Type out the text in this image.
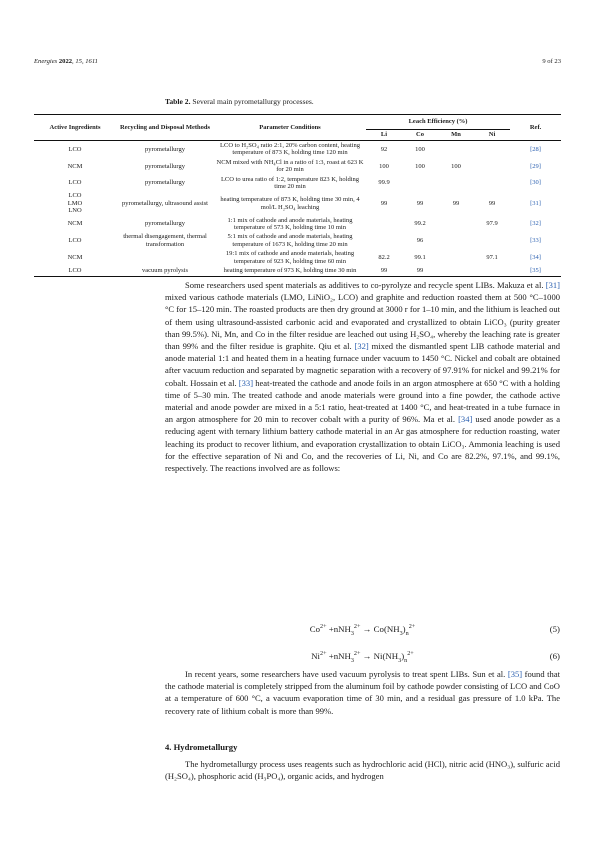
Energies 2022, 15, 1611	9 of 23
Table 2. Several main pyrometallurgy processes.
Active Ingredients	Recycling and Disposal Methods	Parameter Conditions	Leach Efficiency (%)				Ref.
			Li	Co	Mn	Ni	
LCO	pyrometallurgy	LCO to H₂SO₄ ratio 2:1, 20% carbon content, heating temperature of 873 K, holding time 120 min	92	100			[28]
NCM	pyrometallurgy	NCM mixed with NH₄Cl in a ratio of 1:3, roast at 623 K for 20 min	100	100	100		[29]
LCO	pyrometallurgy	LCO to urea ratio of 1:2, temperature 823 K, holding time 20 min	99.9				[30]
LCO
LMO
LNO	pyrometallurgy, ultrasound assist	heating temperature of 873 K, holding time 30 min, 4 mol/L H₂SO₄ leaching	99	99	99	99	[31]
NCM	pyrometallurgy	1:1 mix of cathode and anode materials, heating temperature of 573 K, holding time 10 min		99.2		97.9	[32]
LCO	thermal disengagement, thermal transformation	5:1 mix of cathode and anode materials, heating temperature of 1673 K, holding time 20 min		96			[33]
NCM		19:1 mix of cathode and anode materials, heating temperature of 923 K, holding time 60 min	82.2	99.1		97.1	[34]
LCO	vacuum pyrolysis	heating temperature of 973 K, holding time 30 min	99	99			[35]

Some researchers used spent materials as additives to co-pyrolyze and recycle spent LIBs. Makuza et al. [31] mixed various cathode materials (LMO, LiNiO₂, LCO) and graphite and reduction roasted them at 500 °C–1000 °C for 15–120 min. The roasted products are then dry ground at 3000 r for 1–10 min, and the lithium is leached out of them using ultrasound-assisted carbonic acid and evaporated and crystallized to obtain LiCO₃ (purity greater than 99.5%). Ni, Mn, and Co in the filter residue are leached out using H₂SO₄, whereby the leaching rate is greater than 99% and the filter residue is graphite. Qiu et al. [32] mixed the dismantled spent LIB cathode material and anode material 1:1 and heated them in a heating furnace under vacuum to 1450 °C. Nickel and cobalt are obtained after vacuum reduction and separated by magnetic separation with a recovery of 97.91% for nickel and 99.21% for cobalt. Hossain et al. [33] heat-treated the cathode and anode foils in an argon atmosphere at 650 °C with a holding time of 5–30 min. The treated cathode and anode materials were ground into a fine powder, the cathode active material and anode powder are mixed in a 5:1 ratio, heat-treated at 1400 °C, and heat-treated in a tube furnace in an argon atmosphere for 20 min to recover cobalt with a purity of 96%. Ma et al. [34] used anode powder as a reducing agent with ternary lithium battery cathode material in an Ar gas atmosphere for reduction roasting, water leaching its product to recover lithium, and evaporation crystallization to obtain LiCO₃. Ammonia leaching is used for the effective separation of Ni and Co, and the recoveries of Li, Ni, and Co are 82.2%, 97.1%, and 99.1%, respectively. The reactions involved are as follows:

$Co^{2+} +nNH_3^{2+} \to Co(NH_3)_n^{2+}$	(5)
$Ni^{2+} +nNH_3^{2+} \to Ni(NH_3)_n^{2+}$	(6)

In recent years, some researchers have used vacuum pyrolysis to treat spent LIBs. Sun et al. [35] found that the cathode material is completely stripped from the aluminum foil by cathode powder consisting of LCO and CoO at a temperature of 600 °C, a vacuum evaporation time of 30 min, and a residual gas pressure of 1.0 kPa. The recovery rate of lithium cobalt is more than 99%.

4. Hydrometallurgy

The hydrometallurgy process uses reagents such as hydrochloric acid (HCl), nitric acid (HNO₃), sulfuric acid (H₂SO₄), phosphoric acid (H₃PO₄), organic acids, and hydrogen
